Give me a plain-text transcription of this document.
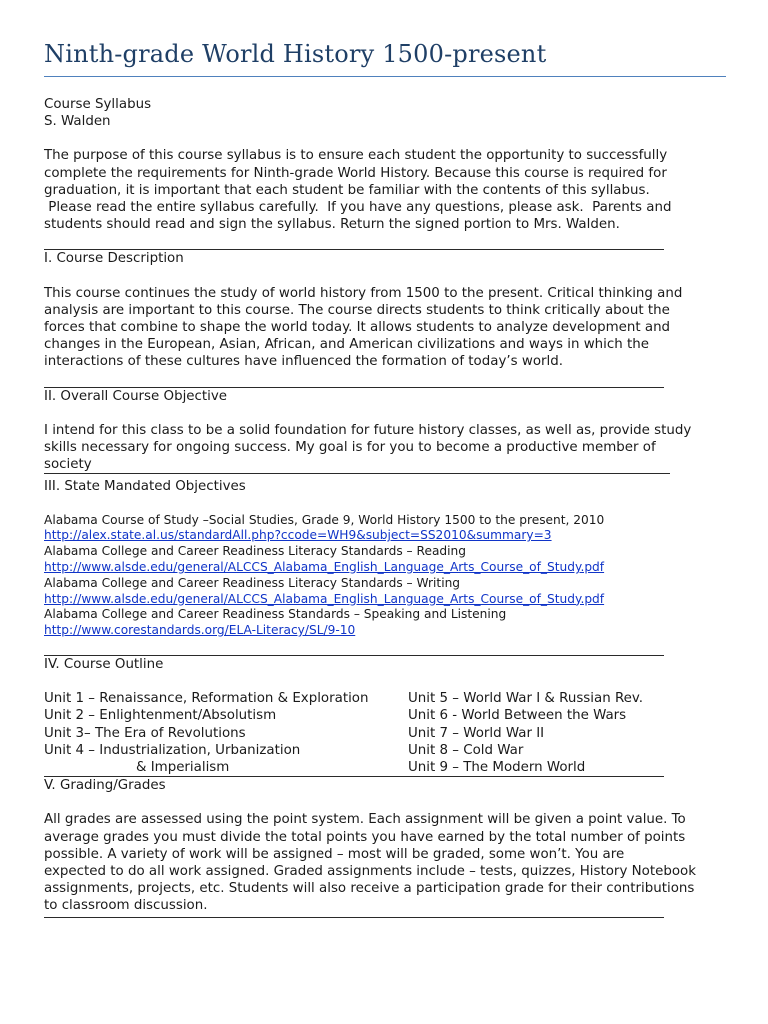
Ninth-grade World History 1500-present

Course Syllabus

S. Walden

The purpose of this course syllabus is to ensure each student the opportunity to successfully

complete the requirements for Ninth-grade World History. Because this course is required for

graduation, it is important that each student be familiar with the contents of this syllabus.

Please read the entire syllabus carefully.  If you have any questions, please ask.  Parents and

students should read and sign the syllabus. Return the signed portion to Mrs. Walden.

I. Course Description

This course continues the study of world history from 1500 to the present. Critical thinking and

analysis are important to this course. The course directs students to think critically about the

forces that combine to shape the world today. It allows students to analyze development and

changes in the European, Asian, African, and American civilizations and ways in which the

interactions of these cultures have influenced the formation of today’s world.

II. Overall Course Objective

I intend for this class to be a solid foundation for future history classes, as well as, provide study

skills necessary for ongoing success. My goal is for you to become a productive member of

society

III. State Mandated Objectives

Alabama Course of Study –Social Studies, Grade 9, World History 1500 to the present, 2010

http://alex.state.al.us/standardAll.php?ccode=WH9&subject=SS2010&summary=3

Alabama College and Career Readiness Literacy Standards – Reading

http://www.alsde.edu/general/ALCCS_Alabama_English_Language_Arts_Course_of_Study.pdf

Alabama College and Career Readiness Literacy Standards – Writing

http://www.alsde.edu/general/ALCCS_Alabama_English_Language_Arts_Course_of_Study.pdf

Alabama College and Career Readiness Standards – Speaking and Listening

http://www.corestandards.org/ELA-Literacy/SL/9-10

IV. Course Outline

Unit 1 – Renaissance, Reformation & Exploration

Unit 2 – Enlightenment/Absolutism

Unit 3– The Era of Revolutions

Unit 4 – Industrialization, Urbanization

& Imperialism

Unit 5 – World War I & Russian Rev.

Unit 6 - World Between the Wars

Unit 7 – World War II

Unit 8 – Cold War

Unit 9 – The Modern World

V. Grading/Grades

All grades are assessed using the point system. Each assignment will be given a point value. To

average grades you must divide the total points you have earned by the total number of points

possible. A variety of work will be assigned – most will be graded, some won’t. You are

expected to do all work assigned. Graded assignments include – tests, quizzes, History Notebook

assignments, projects, etc. Students will also receive a participation grade for their contributions

to classroom discussion.
